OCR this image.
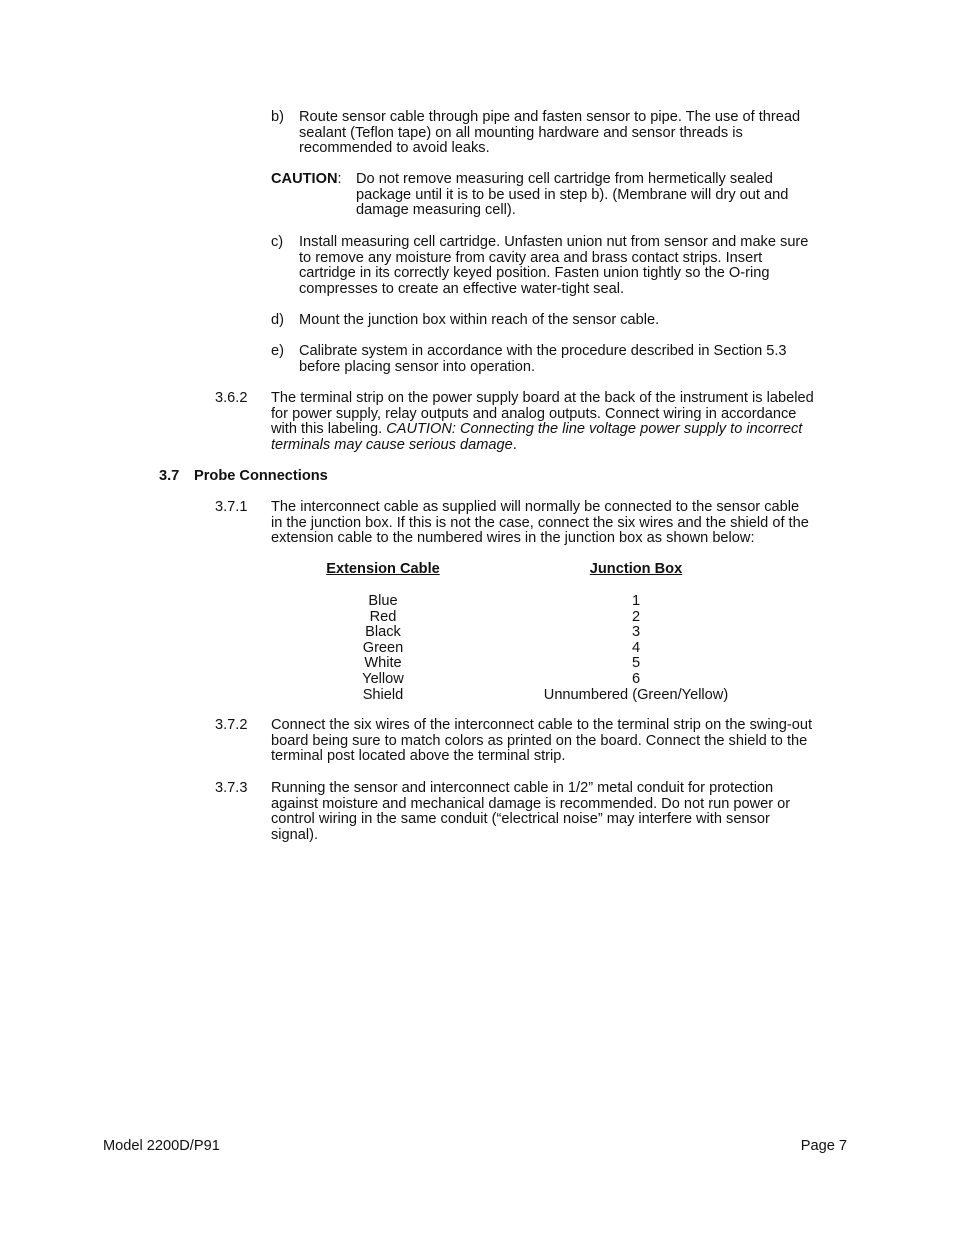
b) Route sensor cable through pipe and fasten sensor to pipe. The use of thread
sealant (Teflon tape) on all mounting hardware and sensor threads is
recommended to avoid leaks.
CAUTION: Do not remove measuring cell cartridge from hermetically sealed
package until it is to be used in step b). (Membrane will dry out and
damage measuring cell).
c) Install measuring cell cartridge. Unfasten union nut from sensor and make sure
to remove any moisture from cavity area and brass contact strips. Insert
cartridge in its correctly keyed position. Fasten union tightly so the O-ring
compresses to create an effective water-tight seal.
d) Mount the junction box within reach of the sensor cable.
e) Calibrate system in accordance with the procedure described in Section 5.3
before placing sensor into operation.
3.6.2 The terminal strip on the power supply board at the back of the instrument is labeled
for power supply, relay outputs and analog outputs. Connect wiring in accordance
with this labeling. CAUTION: Connecting the line voltage power supply to incorrect
terminals may cause serious damage.
3.7 Probe Connections
3.7.1 The interconnect cable as supplied will normally be connected to the sensor cable
in the junction box. If this is not the case, connect the six wires and the shield of the
extension cable to the numbered wires in the junction box as shown below:
Extension Cable	Junction Box
Blue
Red
Black
Green
White
Yellow
Shield
1
2
3
4
5
6
Unnumbered (Green/Yellow)
3.7.2 Connect the six wires of the interconnect cable to the terminal strip on the swing-out
board being sure to match colors as printed on the board. Connect the shield to the
terminal post located above the terminal strip.
3.7.3 Running the sensor and interconnect cable in 1/2” metal conduit for protection
against moisture and mechanical damage is recommended. Do not run power or
control wiring in the same conduit (“electrical noise” may interfere with sensor
signal).
Model 2200D/P91	Page 7
